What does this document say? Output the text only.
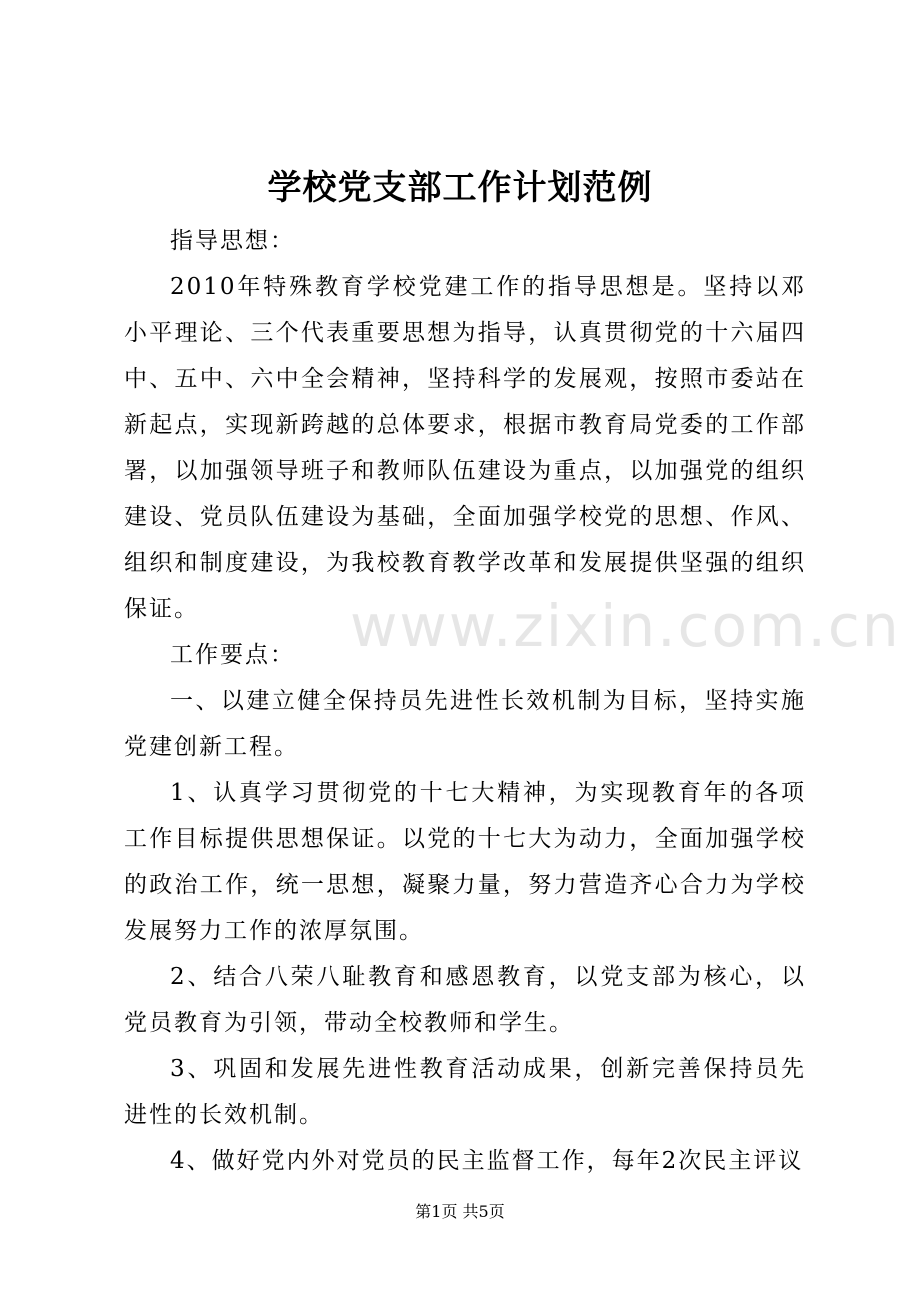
www.zixin.com.cn
学校党支部工作计划范例

指导思想：

2010年特殊教育学校党建工作的指导思想是。坚持以邓小平理论、三个代表重要思想为指导，认真贯彻党的十六届四中、五中、六中全会精神，坚持科学的发展观，按照市委站在新起点，实现新跨越的总体要求，根据市教育局党委的工作部署，以加强领导班子和教师队伍建设为重点，以加强党的组织建设、党员队伍建设为基础，全面加强学校党的思想、作风、组织和制度建设，为我校教育教学改革和发展提供坚强的组织保证。

工作要点：

一、以建立健全保持员先进性长效机制为目标，坚持实施党建创新工程。

1、认真学习贯彻党的十七大精神，为实现教育年的各项工作目标提供思想保证。以党的十七大为动力，全面加强学校的政治工作，统一思想，凝聚力量，努力营造齐心合力为学校发展努力工作的浓厚氛围。

2、结合八荣八耻教育和感恩教育，以党支部为核心，以党员教育为引领，带动全校教师和学生。

3、巩固和发展先进性教育活动成果，创新完善保持员先进性的长效机制。

4、做好党内外对党员的民主监督工作，每年2次民主评议

第1页 共5页
